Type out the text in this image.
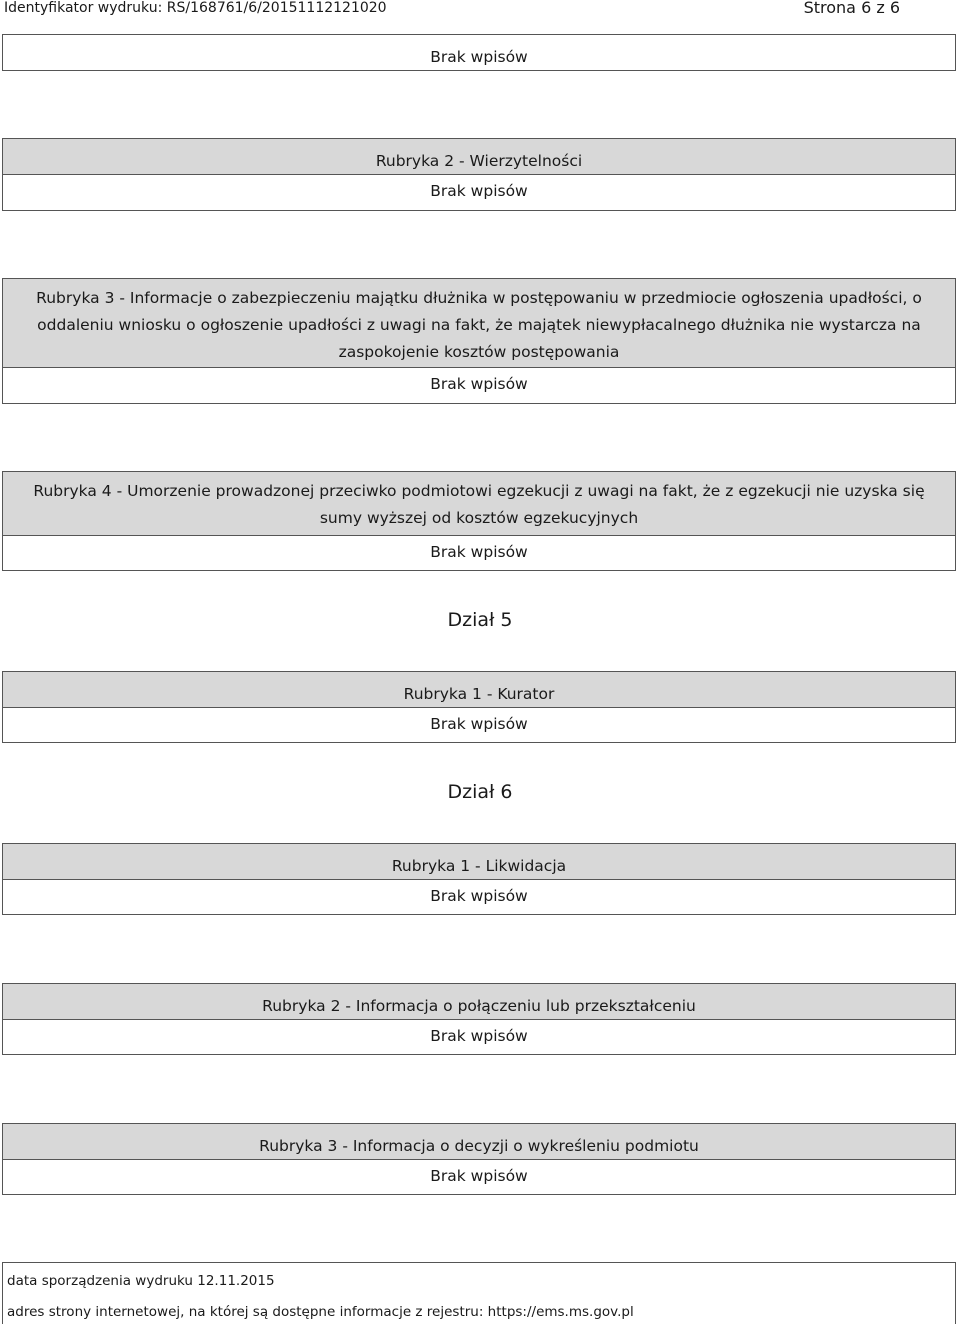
Identyfikator wydruku: RS/168761/6/20151112121020	Strona 6 z 6
Brak wpisów
Rubryka 2 - Wierzytelności
Brak wpisów
Rubryka 3 - Informacje o zabezpieczeniu majątku dłużnika w postępowaniu w przedmiocie ogłoszenia upadłości, o oddaleniu wniosku o ogłoszenie upadłości z uwagi na fakt, że majątek niewypłacalnego dłużnika nie wystarcza na zaspokojenie kosztów postępowania
Brak wpisów
Rubryka 4 - Umorzenie prowadzonej przeciwko podmiotowi egzekucji z uwagi na fakt, że z egzekucji nie uzyska się sumy wyższej od kosztów egzekucyjnych
Brak wpisów
Dział 5
Rubryka 1 - Kurator
Brak wpisów
Dział 6
Rubryka 1 - Likwidacja
Brak wpisów
Rubryka 2 - Informacja o połączeniu lub przekształceniu
Brak wpisów
Rubryka 3 - Informacja o decyzji o wykreśleniu podmiotu
Brak wpisów
data sporządzenia wydruku 12.11.2015
adres strony internetowej, na której są dostępne informacje z rejestru: https://ems.ms.gov.pl
